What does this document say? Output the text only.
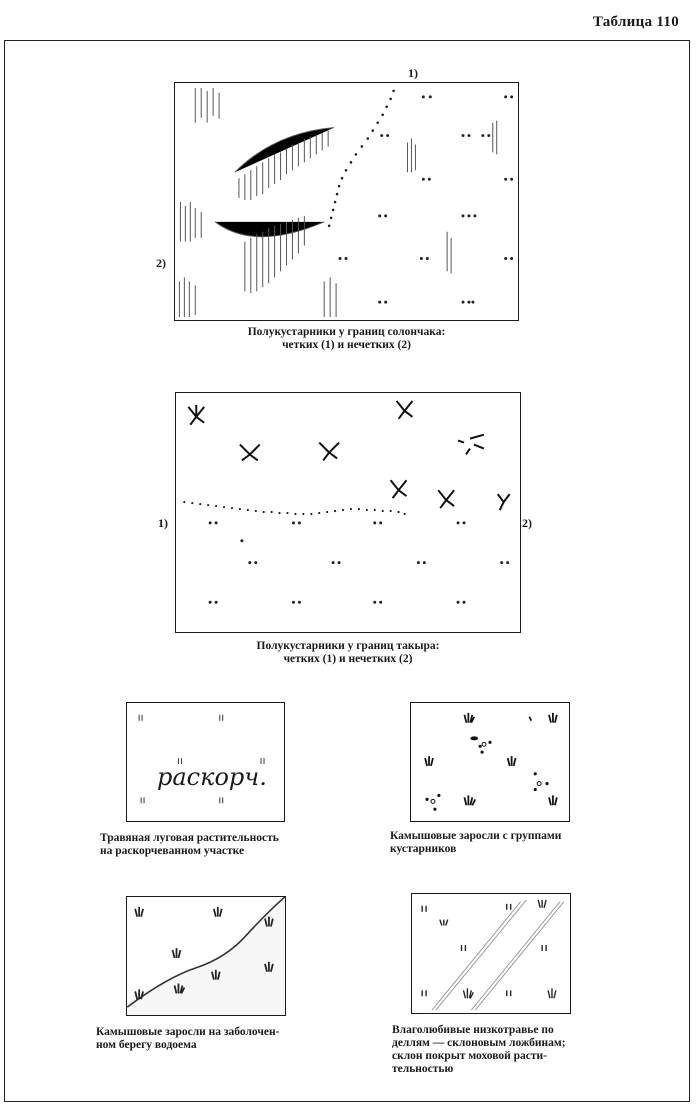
Таблица 110
1)
2)
Полукустарники у границ солончака:
четких (1) и нечетких (2)
1)	2)
Полукустарники у границ такыра:
четких (1) и нечетких (2)
раскорч.
Травяная луговая растительность
на раскорчеванном участке
Камышовые заросли с группами
кустарников
Камышовые заросли на заболочен-
ном берегу водоема
Влаголюбивые низкотравье по
деллям — склоновым ложбинам;
склон покрыт моховой расти-
тельностью
